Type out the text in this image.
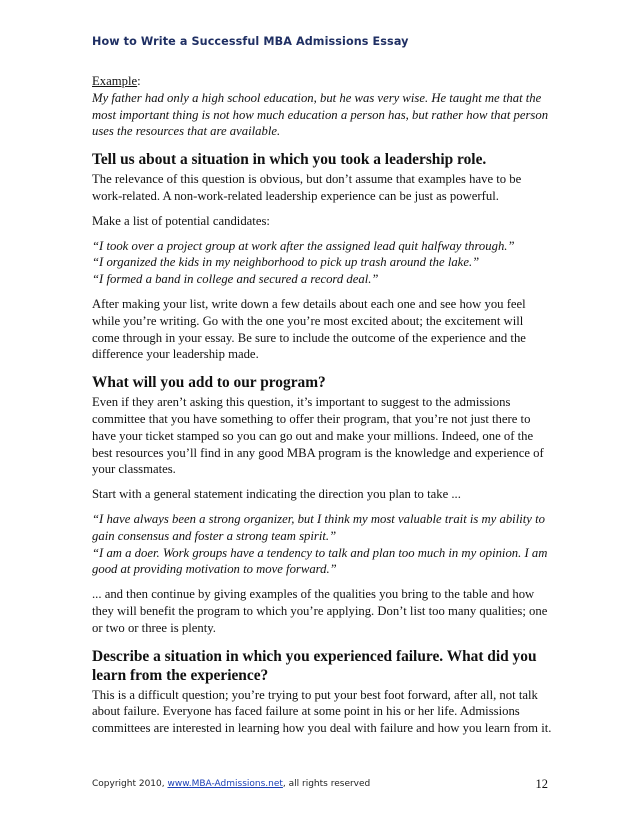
How to Write a Successful MBA Admissions Essay

Example:

My father had only a high school education, but he was very wise. He taught me that the most important thing is not how much education a person has, but rather how that person uses the resources that are available.

Tell us about a situation in which you took a leadership role.

The relevance of this question is obvious, but don’t assume that examples have to be work-related. A non-work-related leadership experience can be just as powerful.

Make a list of potential candidates:

“I took over a project group at work after the assigned lead quit halfway through.”

“I organized the kids in my neighborhood to pick up trash around the lake.”

“I formed a band in college and secured a record deal.”

After making your list, write down a few details about each one and see how you feel while you’re writing. Go with the one you’re most excited about; the excitement will come through in your essay. Be sure to include the outcome of the experience and the difference your leadership made.

What will you add to our program?

Even if they aren’t asking this question, it’s important to suggest to the admissions committee that you have something to offer their program, that you’re not just there to have your ticket stamped so you can go out and make your millions. Indeed, one of the best resources you’ll find in any good MBA program is the knowledge and experience of your classmates.

Start with a general statement indicating the direction you plan to take ...

“I have always been a strong organizer, but I think my most valuable trait is my ability to gain consensus and foster a strong team spirit.”

“I am a doer. Work groups have a tendency to talk and plan too much in my opinion. I am good at providing motivation to move forward.”

... and then continue by giving examples of the qualities you bring to the table and how they will benefit the program to which you’re applying. Don’t list too many qualities; one or two or three is plenty.

Describe a situation in which you experienced failure. What did you learn from the experience?

This is a difficult question; you’re trying to put your best foot forward, after all, not talk about failure. Everyone has faced failure at some point in his or her life. Admissions committees are interested in learning how you deal with failure and how you learn from it.

Copyright 2010, www.MBA-Admissions.net, all rights reserved	12
